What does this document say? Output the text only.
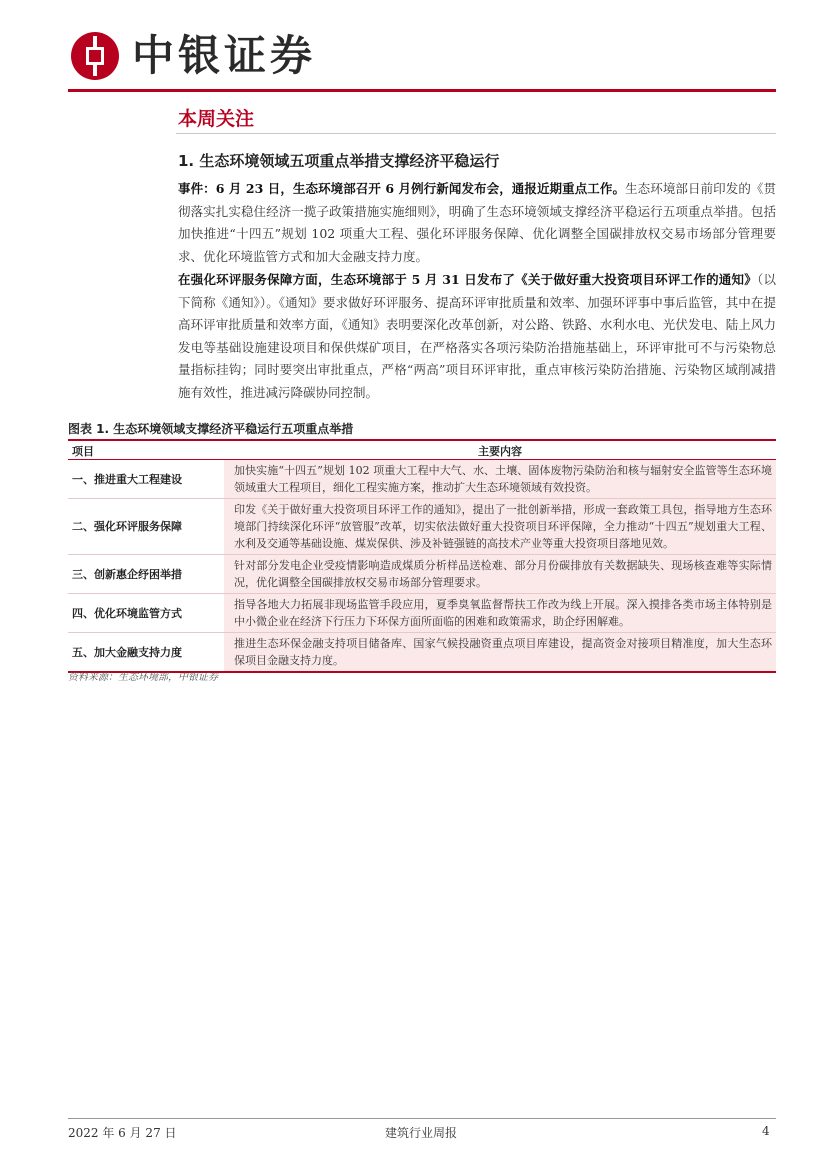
中银证券
本周关注
1. 生态环境领域五项重点举措支撑经济平稳运行
事件：6 月 23 日，生态环境部召开 6 月例行新闻发布会，通报近期重点工作。生态环境部日前印发的《贯彻落实扎实稳住经济一揽子政策措施实施细则》，明确了生态环境领域支撑经济平稳运行五项重点举措。包括加快推进“十四五”规划 102 项重大工程、强化环评服务保障、优化调整全国碳排放权交易市场部分管理要求、优化环境监管方式和加大金融支持力度。
在强化环评服务保障方面，生态环境部于 5 月 31 日发布了《关于做好重大投资项目环评工作的通知》（以下简称《通知》）。《通知》要求做好环评服务、提高环评审批质量和效率、加强环评事中事后监管，其中在提高环评审批质量和效率方面，《通知》表明要深化改革创新，对公路、铁路、水利水电、光伏发电、陆上风力发电等基础设施建设项目和保供煤矿项目，在严格落实各项污染防治措施基础上，环评审批可不与污染物总量指标挂钩；同时要突出审批重点，严格“两高”项目环评审批，重点审核污染防治措施、污染物区域削减措施有效性，推进减污降碳协同控制。
图表 1. 生态环境领域支撑经济平稳运行五项重点举措
项目	主要内容
一、推进重大工程建设	加快实施“十四五”规划 102 项重大工程中大气、水、土壤、固体废物污染防治和核与辐射安全监管等生态环境领域重大工程项目，细化工程实施方案，推动扩大生态环境领域有效投资。
二、强化环评服务保障	印发《关于做好重大投资项目环评工作的通知》，提出了一批创新举措，形成一套政策工具包，指导地方生态环境部门持续深化环评“放管服”改革，切实依法做好重大投资项目环评保障，全力推动“十四五”规划重大工程、水利及交通等基础设施、煤炭保供、涉及补链强链的高技术产业等重大投资项目落地见效。
三、创新惠企纾困举措	针对部分发电企业受疫情影响造成煤质分析样品送检难、部分月份碳排放有关数据缺失、现场核查难等实际情况，优化调整全国碳排放权交易市场部分管理要求。
四、优化环境监管方式	指导各地大力拓展非现场监管手段应用，夏季臭氧监督帮扶工作改为线上开展。深入摸排各类市场主体特别是中小微企业在经济下行压力下环保方面所面临的困难和政策需求，助企纾困解难。
五、加大金融支持力度	推进生态环保金融支持项目储备库、国家气候投融资重点项目库建设，提高资金对接项目精准度，加大生态环保项目金融支持力度。
资料来源：生态环境部，中银证券
2022 年 6 月 27 日	建筑行业周报	4
